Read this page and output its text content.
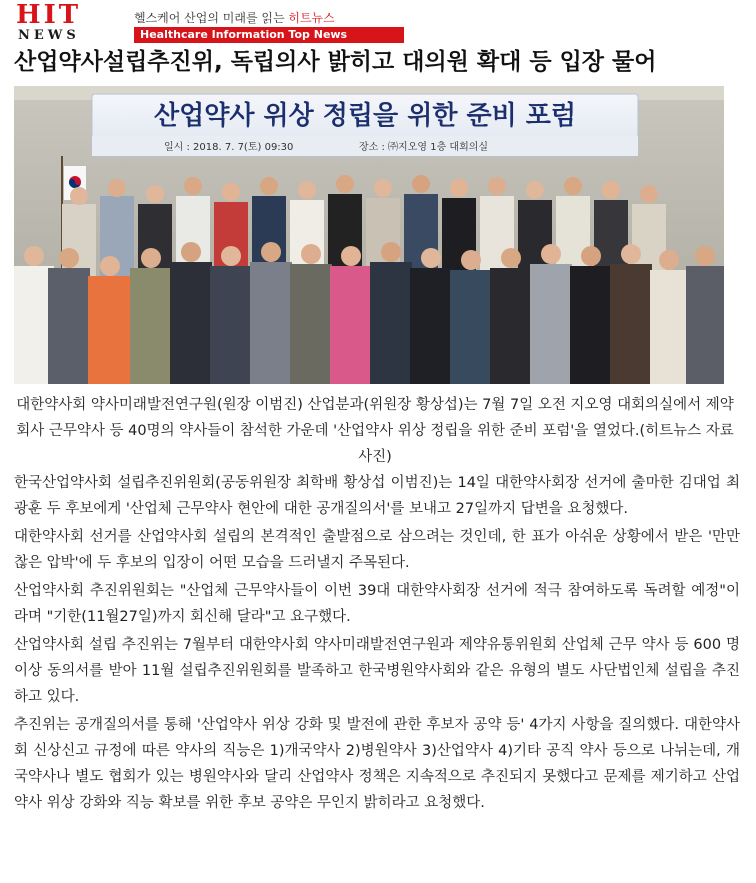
HIT
NEWS
헬스케어 산업의 미래를 읽는 히트뉴스
Healthcare Information Top News
산업약사설립추진위, 독립의사 밝히고 대의원 확대 등 입장 물어
산업약사 위상 정립을 위한 준비 포럼
일시 : 2018. 7. 7(토) 09:30	장소 : ㈜지오영 1층 대회의실
대한약사회 약사미래발전연구원(원장 이범진) 산업분과(위원장 황상섭)는 7월 7일 오전 지오영 대회의실에서 제약회사 근무약사 등 40명의 약사들이 참석한 가운데 '산업약사 위상 정립을 위한 준비 포럼'을 열었다.(히트뉴스 자료사진)

한국산업약사회 설립추진위원회(공동위원장 최학배 황상섭 이범진)는 14일 대한약사회장 선거에 출마한 김대업 최광훈 두 후보에게 '산업체 근무약사 현안에 대한 공개질의서'를 보내고 27일까지 답변을 요청했다.

대한약사회 선거를 산업약사회 설립의 본격적인 출발점으로 삼으려는 것인데, 한 표가 아쉬운 상황에서 받은 '만만찮은 압박'에 두 후보의 입장이 어떤 모습을 드러낼지 주목된다.

산업약사회 추진위원회는 "산업체 근무약사들이 이번 39대 대한약사회장 선거에 적극 참여하도록 독려할 예정"이라며 "기한(11월27일)까지 회신해 달라"고 요구했다.

산업약사회 설립 추진위는 7월부터 대한약사회 약사미래발전연구원과 제약유통위원회 산업체 근무 약사 등 600 명 이상 동의서를 받아 11월 설립추진위원회를 발족하고 한국병원약사회와 같은 유형의 별도 사단법인체 설립을 추진하고 있다.

추진위는 공개질의서를 통해 '산업약사 위상 강화 및 발전에 관한 후보자 공약 등' 4가지 사항을 질의했다. 대한약사회 신상신고 규정에 따른 약사의 직능은 1)개국약사 2)병원약사 3)산업약사 4)기타 공직 약사 등으로 나뉘는데, 개국약사나 별도 협회가 있는 병원약사와 달리 산업약사 정책은 지속적으로 추진되지 못했다고 문제를 제기하고 산업약사 위상 강화와 직능 확보를 위한 후보 공약은 무인지 밝히라고 요청했다.
